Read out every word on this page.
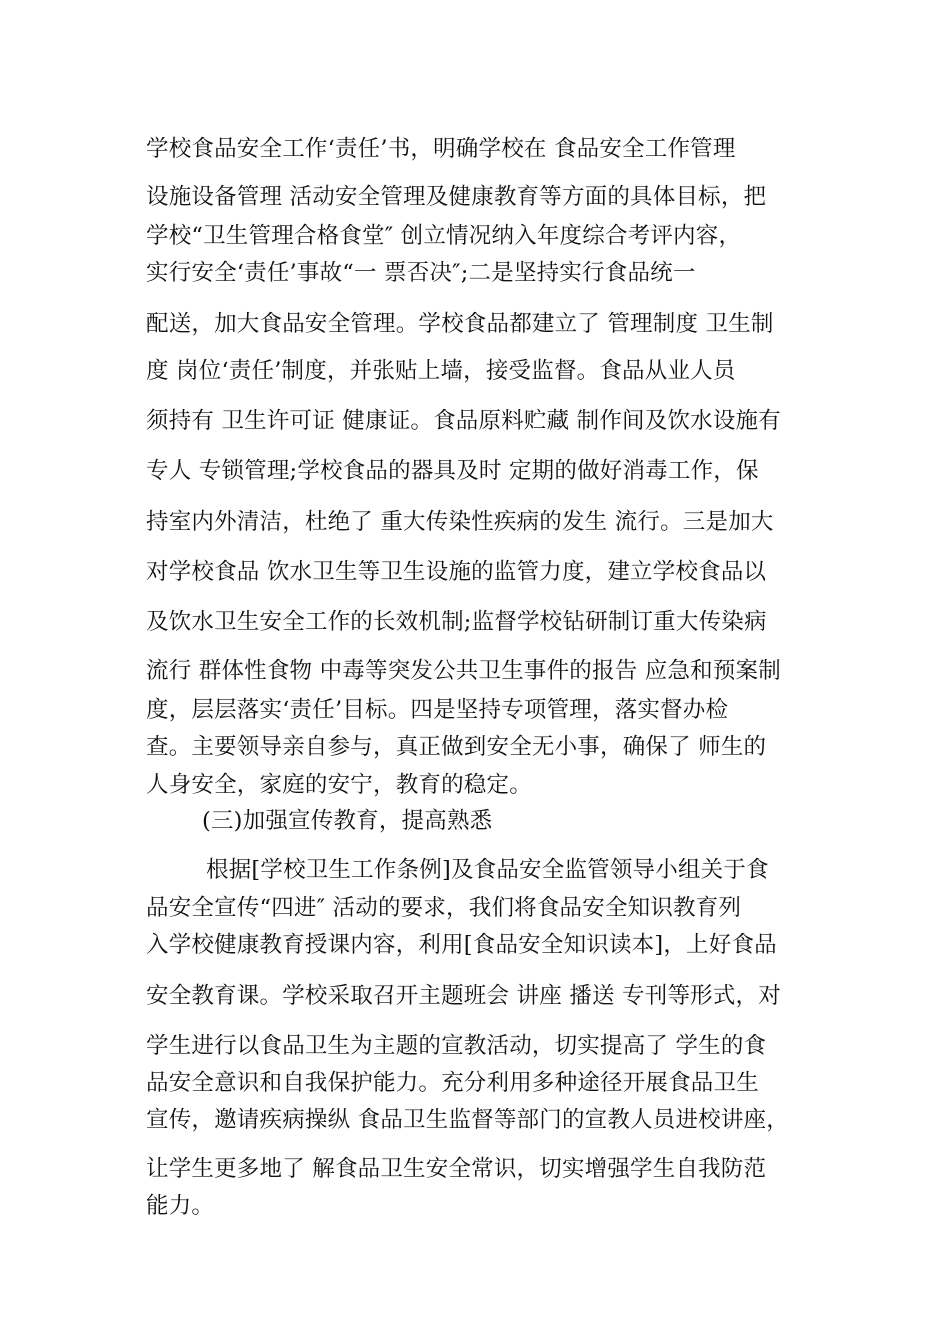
学校食品安全工作‘责任’书，明确学校在 食品安全工作管理
设施设备管理 活动安全管理及健康教育等方面的具体目标，把
学校“卫生管理合格食堂″ 创立情况纳入年度综合考评内容，
实行安全‘责任’事故“一 票否决″;二是坚持实行食品统一
配送，加大食品安全管理。学校食品都建立了 管理制度 卫生制
度 岗位‘责任’制度，并张贴上墙，接受监督。食品从业人员
须持有 卫生许可证 健康证。食品原料贮藏 制作间及饮水设施有
专人 专锁管理;学校食品的器具及时 定期的做好消毒工作，保
持室内外清洁，杜绝了 重大传染性疾病的发生 流行。三是加大
对学校食品 饮水卫生等卫生设施的监管力度，建立学校食品以
及饮水卫生安全工作的长效机制;监督学校钻研制订重大传染病
流行 群体性食物 中毒等突发公共卫生事件的报告 应急和预案制
度，层层落实‘责任’目标。四是坚持专项管理，落实督办检
查。主要领导亲自参与，真正做到安全无小事，确保了 师生的
人身安全，家庭的安宁，教育的稳定。
(三)加强宣传教育，提高熟悉
根据[学校卫生工作条例]及食品安全监管领导小组关于食
品安全宣传“四进″ 活动的要求，我们将食品安全知识教育列
入学校健康教育授课内容，利用[食品安全知识读本]，上好食品
安全教育课。学校采取召开主题班会 讲座 播送 专刊等形式，对
学生进行以食品卫生为主题的宣教活动，切实提高了 学生的食
品安全意识和自我保护能力。充分利用多种途径开展食品卫生
宣传，邀请疾病操纵 食品卫生监督等部门的宣教人员进校讲座，
让学生更多地了 解食品卫生安全常识，切实增强学生自我防范
能力。
